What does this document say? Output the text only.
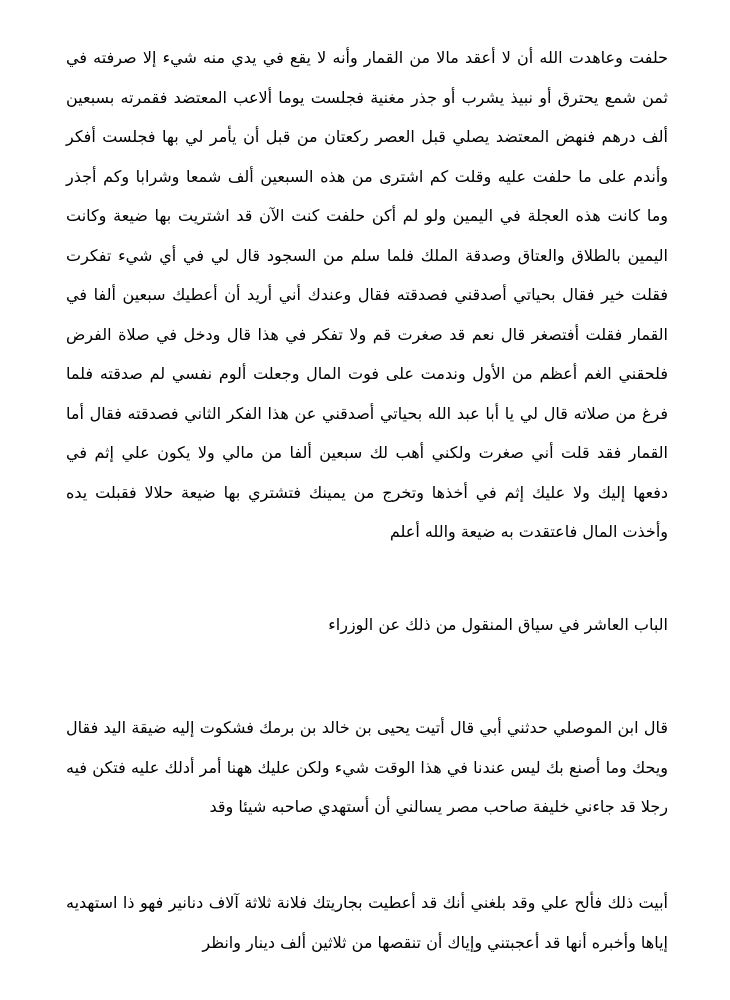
حلفت وعاهدت الله أن لا أعقد مالا من القمار وأنه لا يقع في يدي منه شيء إلا صرفته في ثمن شمع يحترق أو نبيذ يشرب أو جذر مغنية فجلست يوما ألاعب المعتضد فقمرته بسبعين ألف درهم فنهض المعتضد يصلي قبل العصر ركعتان من قبل أن يأمر لي بها فجلست أفكر وأندم على ما حلفت عليه وقلت كم اشترى من هذه السبعين ألف شمعا وشرابا وكم أجذر وما كانت هذه العجلة في اليمين ولو لم أكن حلفت كنت الآن قد اشتريت بها ضيعة وكانت اليمين بالطلاق والعتاق وصدقة الملك فلما سلم من السجود قال لي في أي شيء تفكرت فقلت خير فقال بحياتي أصدقني فصدقته فقال وعندك أني أريد أن أعطيك سبعين ألفا في القمار فقلت أفتصغر قال نعم قد صغرت قم ولا تفكر في هذا قال ودخل في صلاة الفرض فلحقني الغم أعظم من الأول وندمت على فوت المال وجعلت ألوم نفسي لم صدقته فلما فرغ من صلاته قال لي يا أبا عبد الله بحياتي أصدقني عن هذا الفكر الثاني فصدقته فقال أما القمار فقد قلت أني صغرت ولكني أهب لك سبعين ألفا من مالي ولا يكون علي إثم في دفعها إليك ولا عليك إثم في أخذها وتخرج من يمينك فتشتري بها ضيعة حلالا فقبلت يده وأخذت المال فاعتقدت به ضيعة والله أعلم

الباب العاشر في سياق المنقول من ذلك عن الوزراء

قال ابن الموصلي حدثني أبي قال أتيت يحيى بن خالد بن برمك فشكوت إليه ضيقة اليد فقال ويحك وما أصنع بك ليس عندنا في هذا الوقت شيء ولكن عليك ههنا أمر أدلك عليه فتكن فيه رجلا قد جاءني خليفة صاحب مصر يسالني أن أستهدي صاحبه شيئا وقد

أبيت ذلك فألح علي وقد بلغني أنك قد أعطيت بجاريتك فلانة ثلاثة آلاف دنانير فهو ذا استهديه إياها وأخبره أنها قد أعجبتني وإياك أن تنقصها من ثلاثين ألف دينار وانظر
